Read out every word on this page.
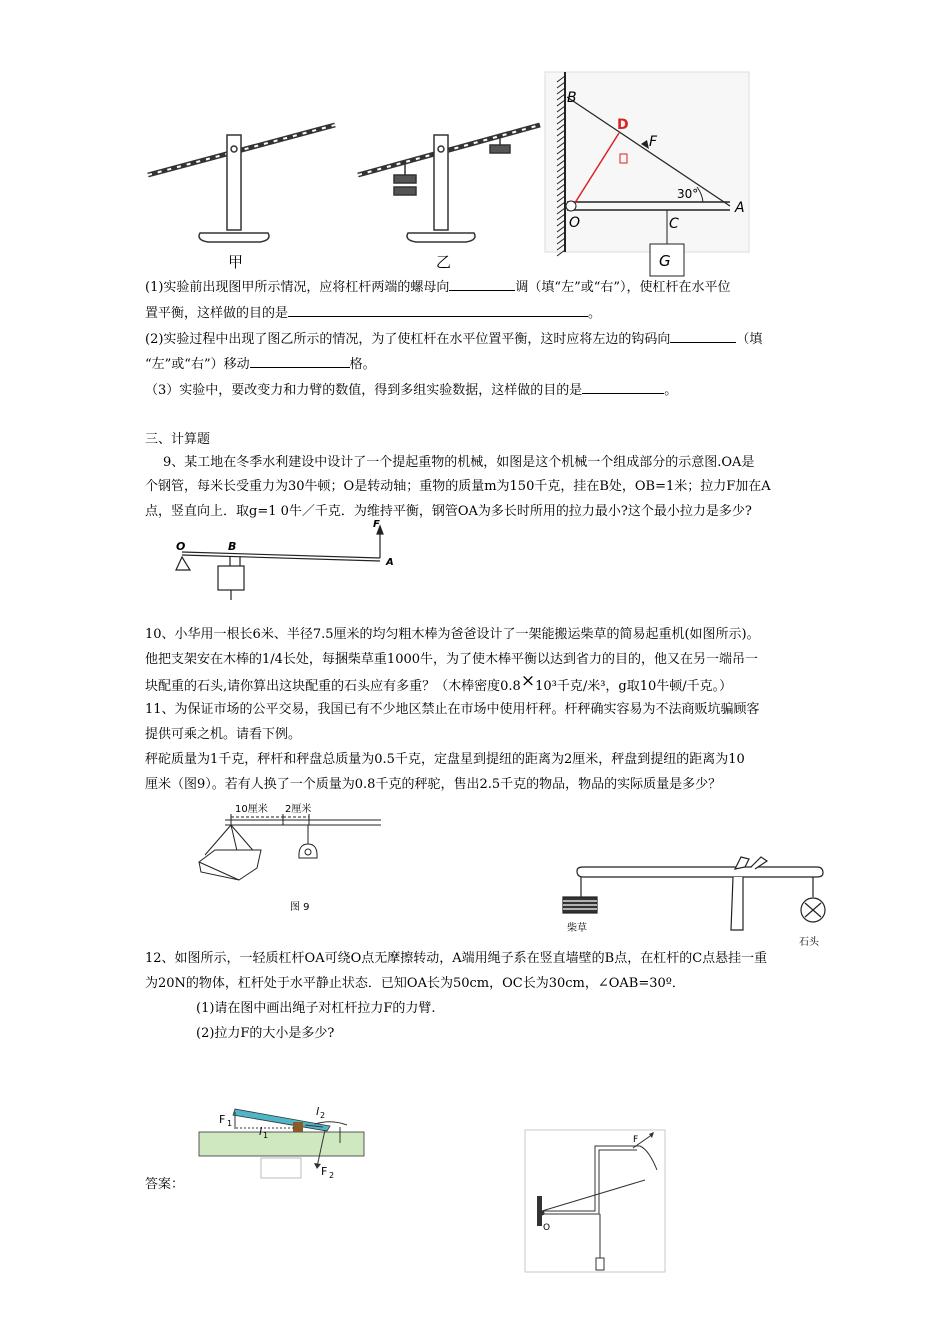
甲	乙
B
D
F
30°
O	C
A
G
(1)实验前出现图甲所示情况，应将杠杆两端的螺母向	调（填“左”或“右”），使杠杆在水平位
置平衡，这样做的目的是	。
(2)实验过程中出现了图乙所示的情况，为了使杠杆在水平位置平衡，这时应将左边的钩码向	（填
“左”或“右”）移动	格。
（3）实验中，要改变力和力臂的数值，得到多组实验数据，这样做的目的是	。
三、计算题
9、某工地在冬季水利建设中设计了一个提起重物的机械，如图是这个机械一个组成部分的示意图.OA是
个钢管，每米长受重力为30牛顿；O是转动轴；重物的质量m为150千克，挂在B处，OB=1米；拉力F加在A
点，竖直向上．取g=1 0牛／千克．为维持平衡，钢管OA为多长时所用的拉力最小?这个最小拉力是多少?
O	B
F
A
10、小华用一根长6米、半径7.5厘米的均匀粗木棒为爸爸设计了一架能搬运柴草的简易起重机(如图所示)。
他把支架安在木棒的1/4长处，每捆柴草重1000牛，为了使木棒平衡以达到省力的目的，他又在另一端吊一
块配重的石头,请你算出这块配重的石头应有多重？（木棒密度0.8×10³千克/米³，g取10牛顿/千克。）
11、为保证市场的公平交易，我国已有不少地区禁止在市场中使用杆秤。杆秤确实容易为不法商贩坑骗顾客
提供可乘之机。请看下例。
秤砣质量为1千克，秤杆和秤盘总质量为0.5千克，定盘星到提纽的距离为2厘米，秤盘到提纽的距离为10
厘米（图9）。若有人换了一个质量为0.8千克的秤驼，售出2.5千克的物品，物品的实际质量是多少？
10厘米 2厘米
图 9
柴草
石头
12、如图所示，一轻质杠杆OA可绕O点无摩擦转动，A端用绳子系在竖直墙壁的B点，在杠杆的C点悬挂一重
为20N的物体，杠杆处于水平静止状态．已知OA长为50cm，OC长为30cm，∠OAB=30º．
(1)请在图中画出绳子对杠杆拉力F的力臂.
(2)拉力F的大小是多少?
答案：
F 1
l 1
l 2
F 2
F
O
